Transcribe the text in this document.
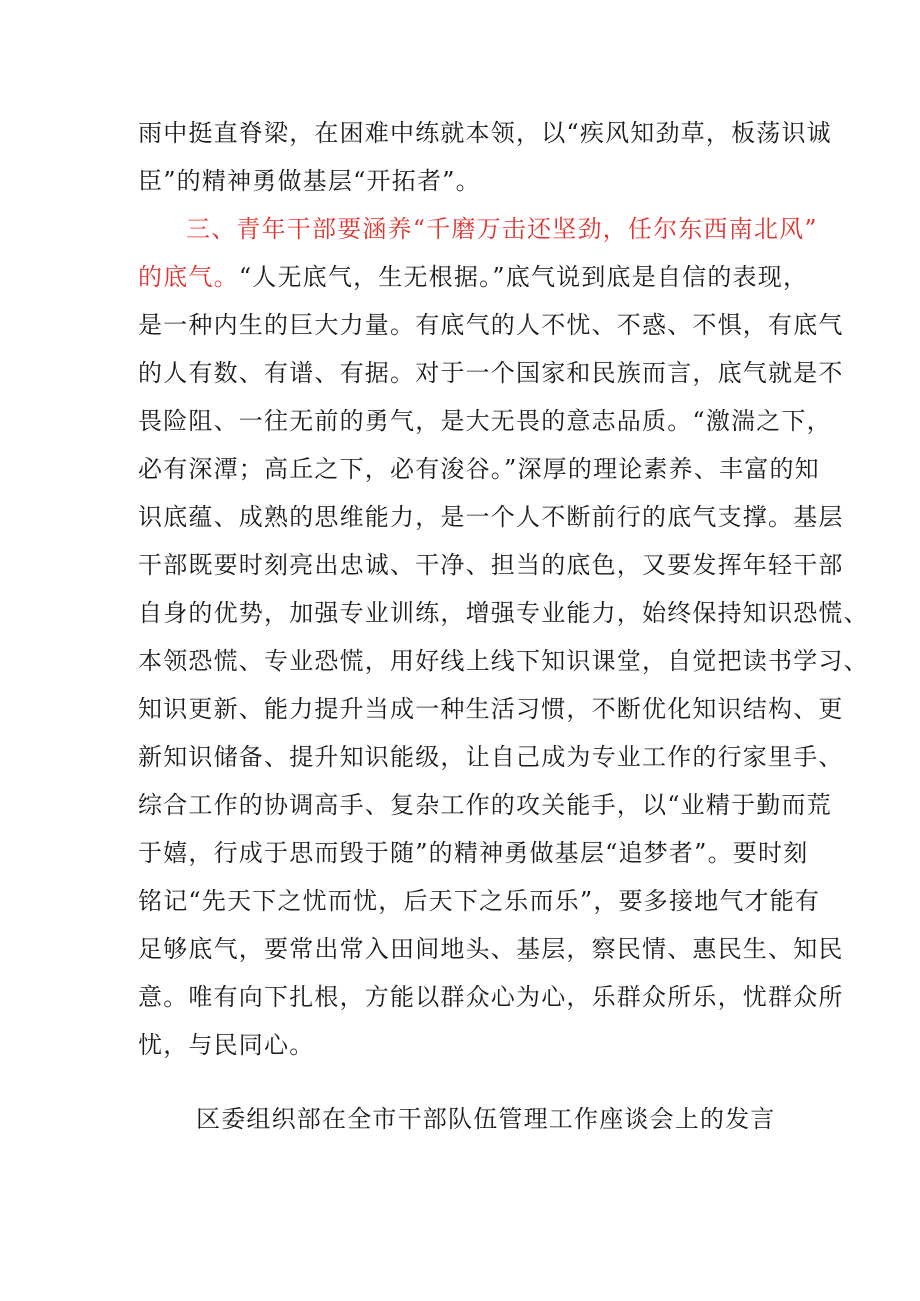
雨中挺直脊梁，在困难中练就本领，以“疾风知劲草，板荡识诚
臣”的精神勇做基层“开拓者”。
三、青年干部要涵养“千磨万击还坚劲，任尔东西南北风”
的底气。“人无底气，生无根据。”底气说到底是自信的表现，
是一种内生的巨大力量。有底气的人不忧、不惑、不惧，有底气
的人有数、有谱、有据。对于一个国家和民族而言，底气就是不
畏险阻、一往无前的勇气，是大无畏的意志品质。“激湍之下，
必有深潭；高丘之下，必有浚谷。”深厚的理论素养、丰富的知
识底蕴、成熟的思维能力，是一个人不断前行的底气支撑。基层
干部既要时刻亮出忠诚、干净、担当的底色，又要发挥年轻干部
自身的优势，加强专业训练，增强专业能力，始终保持知识恐慌、
本领恐慌、专业恐慌，用好线上线下知识课堂，自觉把读书学习、
知识更新、能力提升当成一种生活习惯，不断优化知识结构、更
新知识储备、提升知识能级，让自己成为专业工作的行家里手、
综合工作的协调高手、复杂工作的攻关能手，以“业精于勤而荒
于嬉，行成于思而毁于随”的精神勇做基层“追梦者”。要时刻
铭记“先天下之忧而忧，后天下之乐而乐”，要多接地气才能有
足够底气，要常出常入田间地头、基层，察民情、惠民生、知民
意。唯有向下扎根，方能以群众心为心，乐群众所乐，忧群众所
忧，与民同心。
区委组织部在全市干部队伍管理工作座谈会上的发言
